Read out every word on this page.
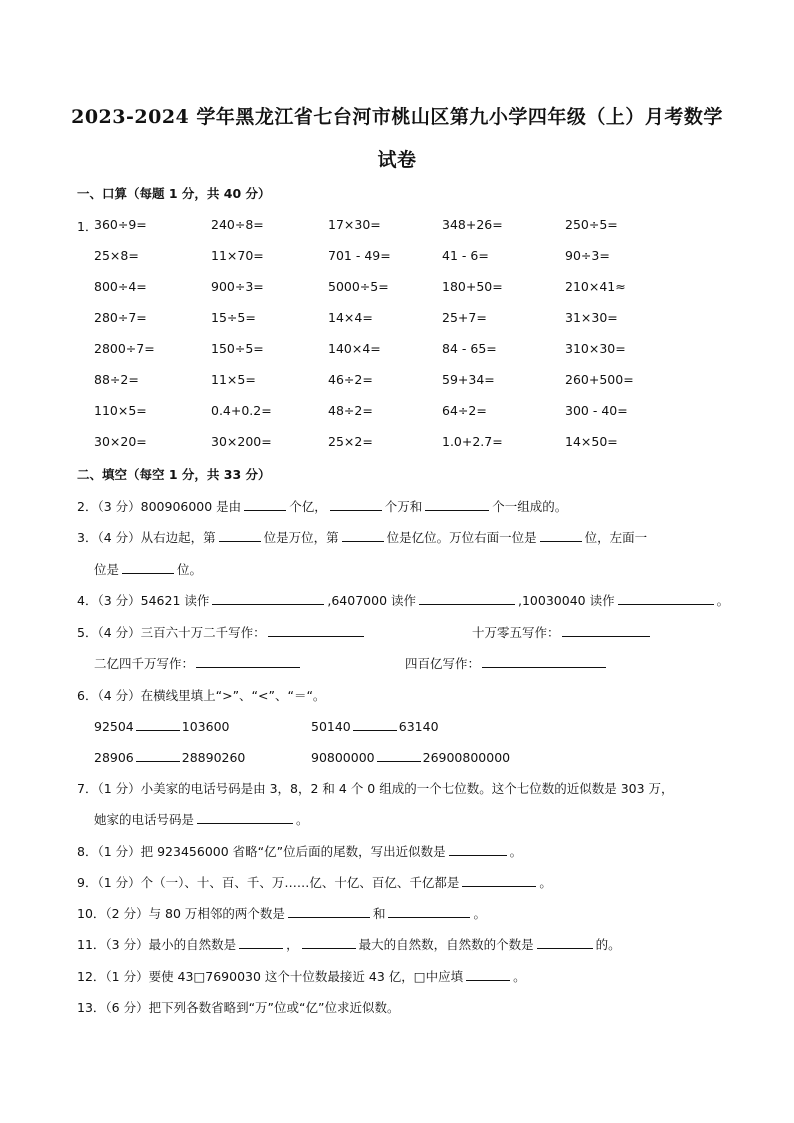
2023-2024 学年黑龙江省七台河市桃山区第九小学四年级（上）月考数学
试卷
一、口算（每题 1 分，共 40 分）
1．
360÷9=	240÷8=	17×30=	348+26=	250÷5=
25×8=	11×70=	701 - 49=	41 - 6=	90÷3=
800÷4=	900÷3=	5000÷5=	180+50=	210×41≈
280÷7=	15÷5=	14×4=	25+7=	31×30=
2800÷7=	150÷5=	140×4=	84 - 65=	310×30=
88÷2=	11×5=	46÷2=	59+34=	260+500=
110×5=	0.4+0.2=	48÷2=	64÷2=	300 - 40=
30×20=	30×200=	25×2=	1.0+2.7=	14×50=
二、填空（每空 1 分，共 33 分）
2．（3 分）800906000 是由	个亿，	个万和	个一组成的。
3．（4 分）从右边起，第	位是万位，第	位是亿位。万位右面一位是	位，左面一
位是	位。
4．（3 分）54621 读作	,6407000 读作	,10030040 读作	。
5．（4 分）三百六十万二千写作：	十万零五写作：
二亿四千万写作：	四百亿写作：
6．（4 分）在横线里填上“>”、“<”、“＝“。
92504	103600	50140	63140
28906	28890260	90800000	26900800000
7．（1 分）小美家的电话号码是由 3，8，2 和 4 个 0 组成的一个七位数。这个七位数的近似数是 303 万，
她家的电话号码是	。
8．（1 分）把 923456000 省略“亿”位后面的尾数，写出近似数是	。
9．（1 分）个（一）、十、百、千、万……亿、十亿、百亿、千亿都是	。
10．（2 分）与 80 万相邻的两个数是	和	。
11．（3 分）最小的自然数是	，	最大的自然数，自然数的个数是	的。
12．（1 分）要使 43□7690030 这个十位数最接近 43 亿，□中应填	。
13．（6 分）把下列各数省略到“万”位或“亿”位求近似数。
